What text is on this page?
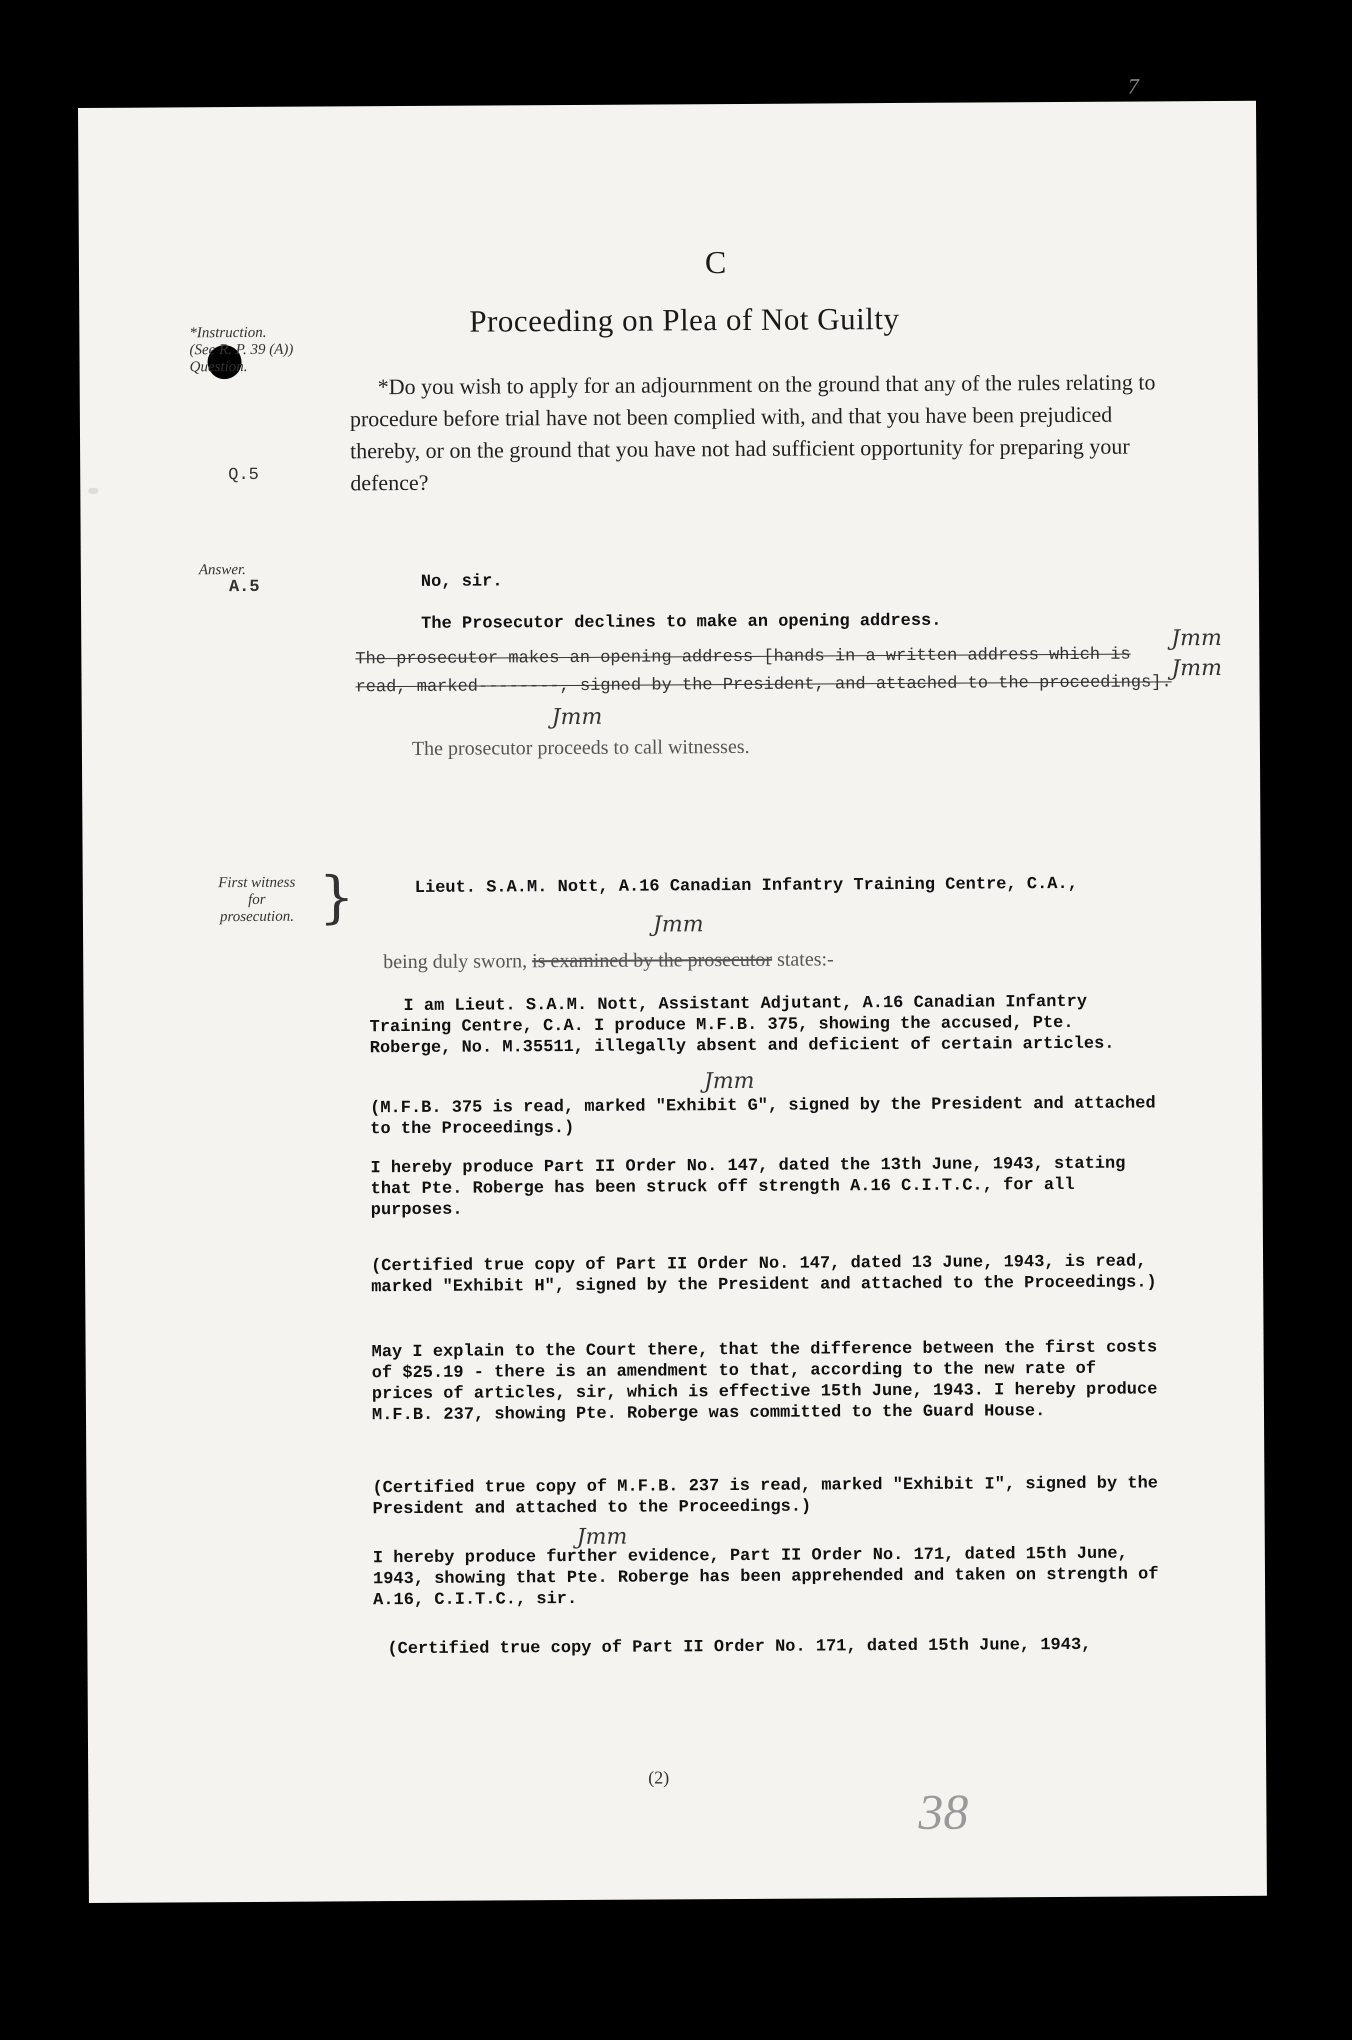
7
C
Proceeding on Plea of Not Guilty
*Instruction.
(See R. P. 39 (A))
Question.
Q.5
*Do you wish to apply for an adjournment on the ground that any of the rules relating to procedure before trial have not been complied with, and that you have been prejudiced thereby, or on the ground that you have not had sufficient opportunity for preparing your defence?
Answer.
A.5	No, sir.
The Prosecutor declines to make an opening address.
The prosecutor makes an opening address [hands in a written address which is read, marked--------, signed by the President, and attached to the proceedings].
Jmm
Jmm
Jmm
The prosecutor proceeds to call witnesses.
First witness
for
prosecution. }	Lieut. S.A.M. Nott, A.16 Canadian Infantry Training Centre, C.A.,
Jmm
being duly sworn, is examined by the prosecutor states:-
I am Lieut. S.A.M. Nott, Assistant Adjutant, A.16 Canadian Infantry Training Centre, C.A. I produce M.F.B. 375, showing the accused, Pte. Roberge, No. M.35511, illegally absent and deficient of certain articles.
Jmm
(M.F.B. 375 is read, marked "Exhibit G", signed by the President and attached to the Proceedings.)
I hereby produce Part II Order No. 147, dated the 13th June, 1943, stating that Pte. Roberge has been struck off strength A.16 C.I.T.C., for all purposes.
(Certified true copy of Part II Order No. 147, dated 13 June, 1943, is read, marked "Exhibit H", signed by the President and attached to the Proceedings.)
May I explain to the Court there, that the difference between the first costs of $25.19 - there is an amendment to that, according to the new rate of prices of articles, sir, which is effective 15th June, 1943. I hereby produce M.F.B. 237, showing Pte. Roberge was committed to the Guard House.
(Certified true copy of M.F.B. 237 is read, marked "Exhibit I", signed by the President and attached to the Proceedings.)
Jmm
I hereby produce further evidence, Part II Order No. 171, dated 15th June, 1943, showing that Pte. Roberge has been apprehended and taken on strength of A.16, C.I.T.C., sir.
(Certified true copy of Part II Order No. 171, dated 15th June, 1943,
(2)
38
